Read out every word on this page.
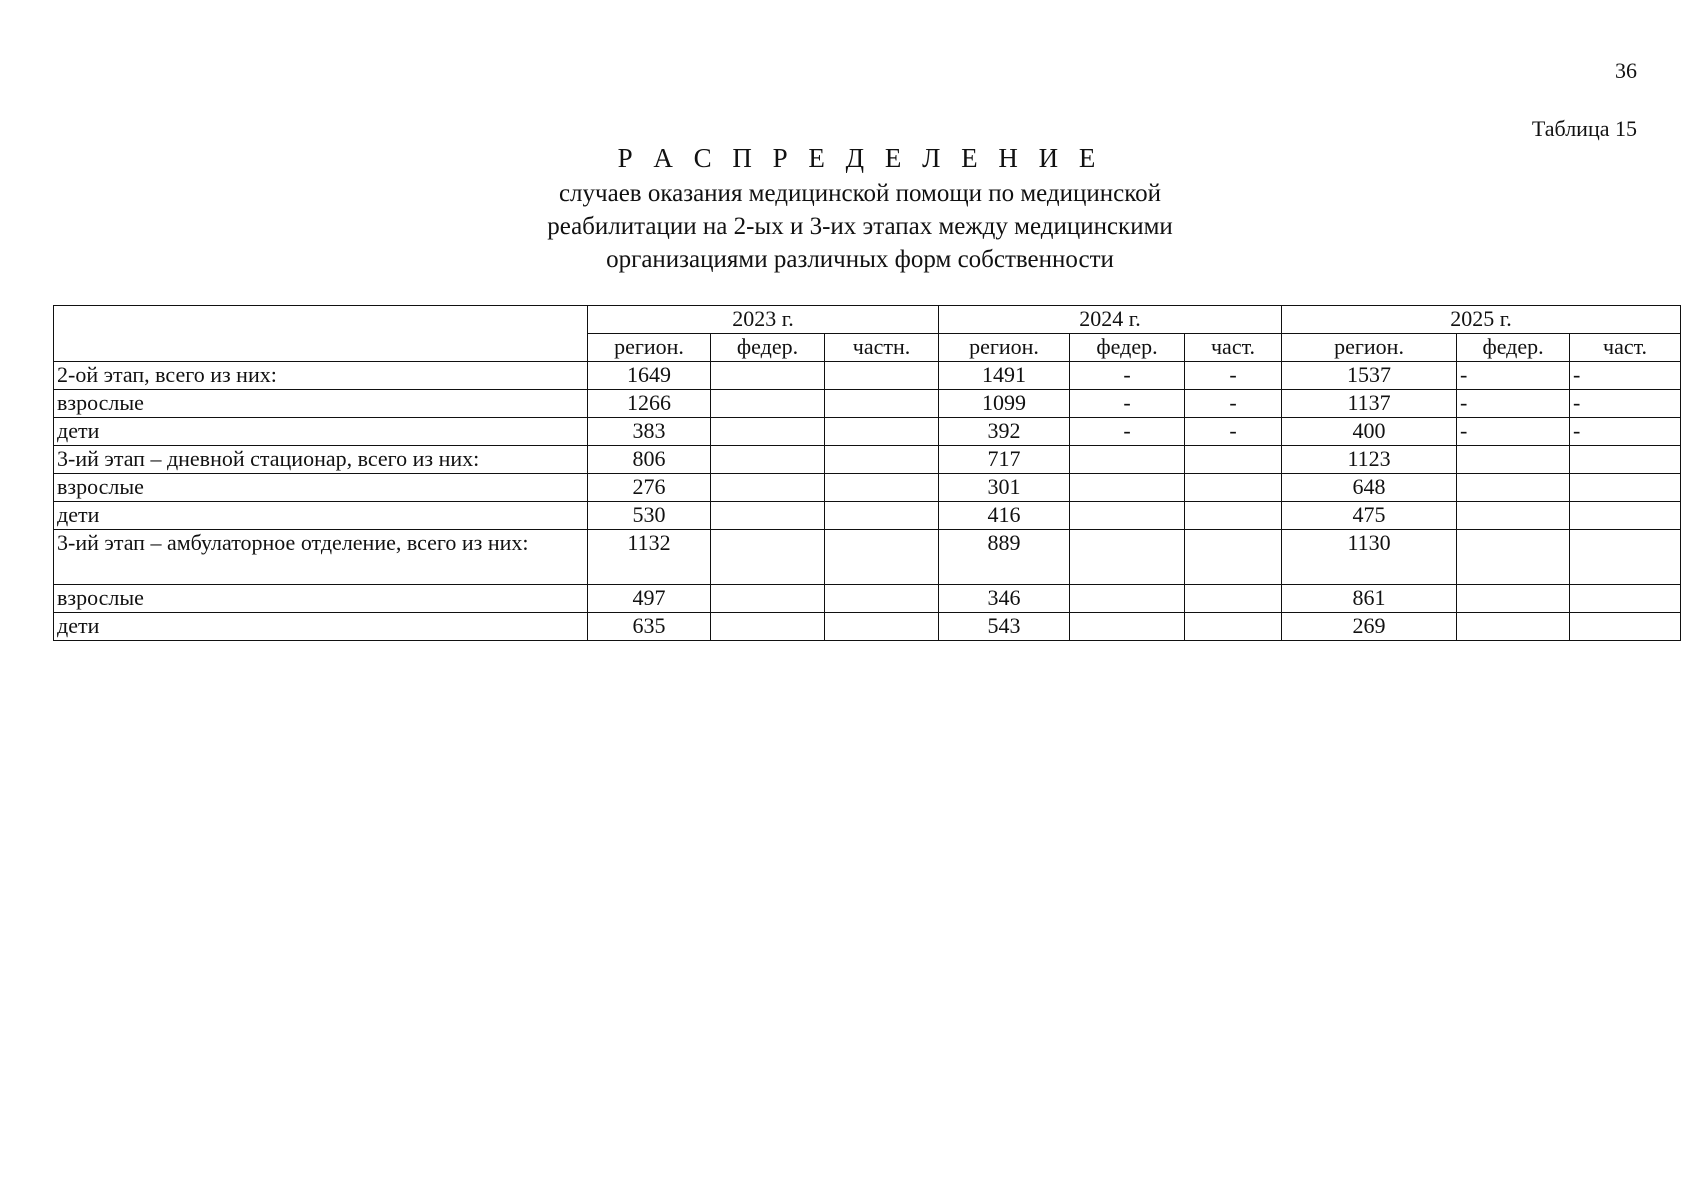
36
Таблица 15
Р А С П Р Е Д Е Л Е Н И Е

случаев оказания медицинской помощи по медицинской

реабилитации на 2-ых и 3-их этапах между медицинскими

организациями различных форм собственности

	2023 г.			2024 г.			2025 г.		
	регион.	федер.	частн.	регион.	федер.	част.	регион.	федер.	част.
2-ой этап, всего из них:	1649			1491	-	-	1537	-	-
взрослые	1266			1099	-	-	1137	-	-
дети	383			392	-	-	400	-	-
3-ий этап – дневной стационар, всего из них:	806			717			1123		
взрослые	276			301			648		
дети	530			416			475		
3-ий этап – амбулаторное отделение, всего из них:	1132			889			1130		
взрослые	497			346			861		
дети	635			543			269		
